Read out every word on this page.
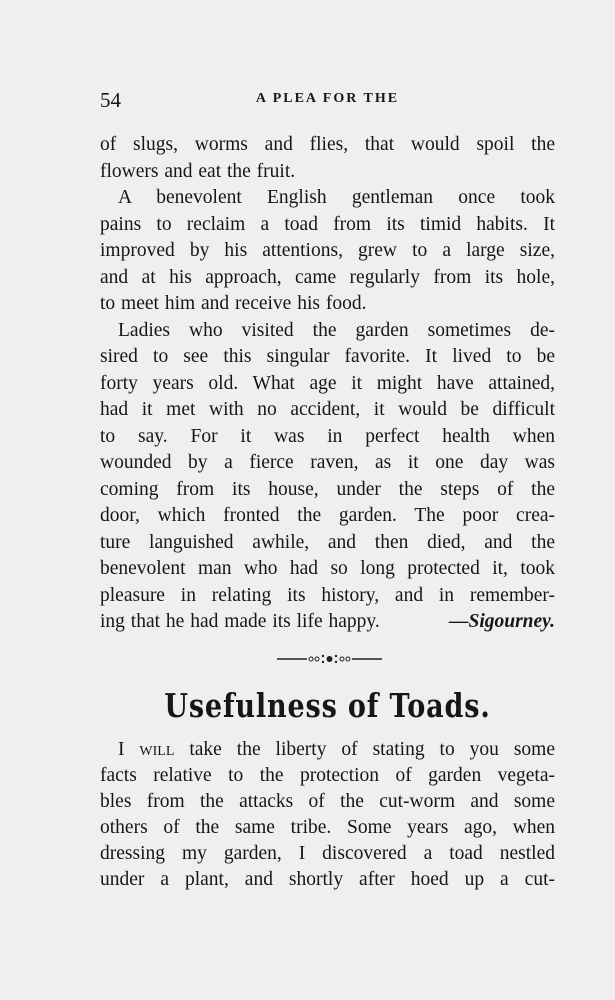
54	A PLEA FOR THE
of slugs, worms and flies, that would spoil the
flowers and eat the fruit.
A benevolent English gentleman once took
pains to reclaim a toad from its timid habits. It
improved by his attentions, grew to a large size,
and at his approach, came regularly from its hole,
to meet him and receive his food.
Ladies who visited the garden sometimes de-
sired to see this singular favorite. It lived to be
forty years old. What age it might have attained,
had it met with no accident, it would be difficult
to say. For it was in perfect health when
wounded by a fierce raven, as it one day was
coming from its house, under the steps of the
door, which fronted the garden. The poor crea-
ture languished awhile, and then died, and the
benevolent man who had so long protected it, took
pleasure in relating its history, and in remember-
ing that he had made its life happy.	—Sigourney.
Usefulness of Toads.
I will take the liberty of stating to you some
facts relative to the protection of garden vegeta-
bles from the attacks of the cut-worm and some
others of the same tribe. Some years ago, when
dressing my garden, I discovered a toad nestled
under a plant, and shortly after hoed up a cut-
